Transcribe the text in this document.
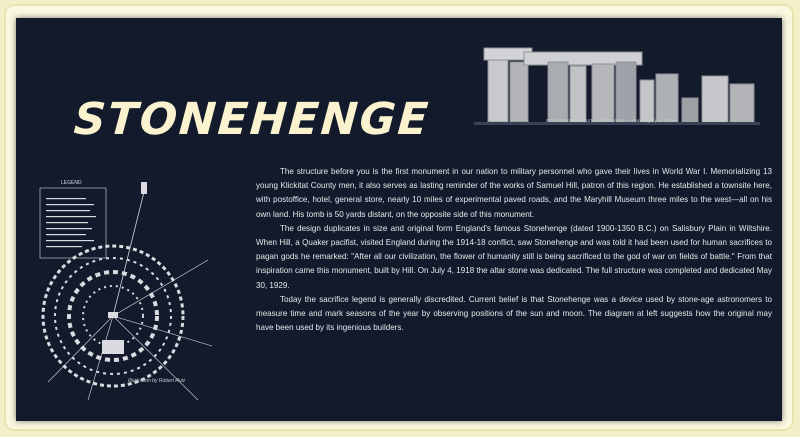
STONEHENGE	STONEHENGE RUINS, ENGLAND — drawing by H. Fitter
LEGEND
Illustration by Robert Ruiz

The structure before you is the first monument in our nation to military personnel who gave their lives in World War I. Memorializing 13 young Klickitat County men, it also serves as lasting reminder of the works of Samuel Hill, patron of this region. He established a townsite here, with postoffice, hotel, general store, nearly 10 miles of experimental paved roads, and the Maryhill Museum three miles to the west—all on his own land. His tomb is 50 yards distant, on the opposite side of this monument.

The design duplicates in size and original form England's famous Stonehenge (dated 1900-1350 B.C.) on Salisbury Plain in Wiltshire. When Hill, a Quaker pacifist, visited England during the 1914-18 conflict, saw Stonehenge and was told it had been used for human sacrifices to pagan gods he remarked: "After all our civilization, the flower of humanity still is being sacrificed to the god of war on fields of battle." From that inspiration came this monument, built by Hill. On July 4, 1918 the altar stone was dedicated. The full structure was completed and dedicated May 30, 1929.

Today the sacrifice legend is generally discredited. Current belief is that Stonehenge was a device used by stone-age astronomers to measure time and mark seasons of the year by observing positions of the sun and moon. The diagram at left suggests how the original may have been used by its ingenious builders.
